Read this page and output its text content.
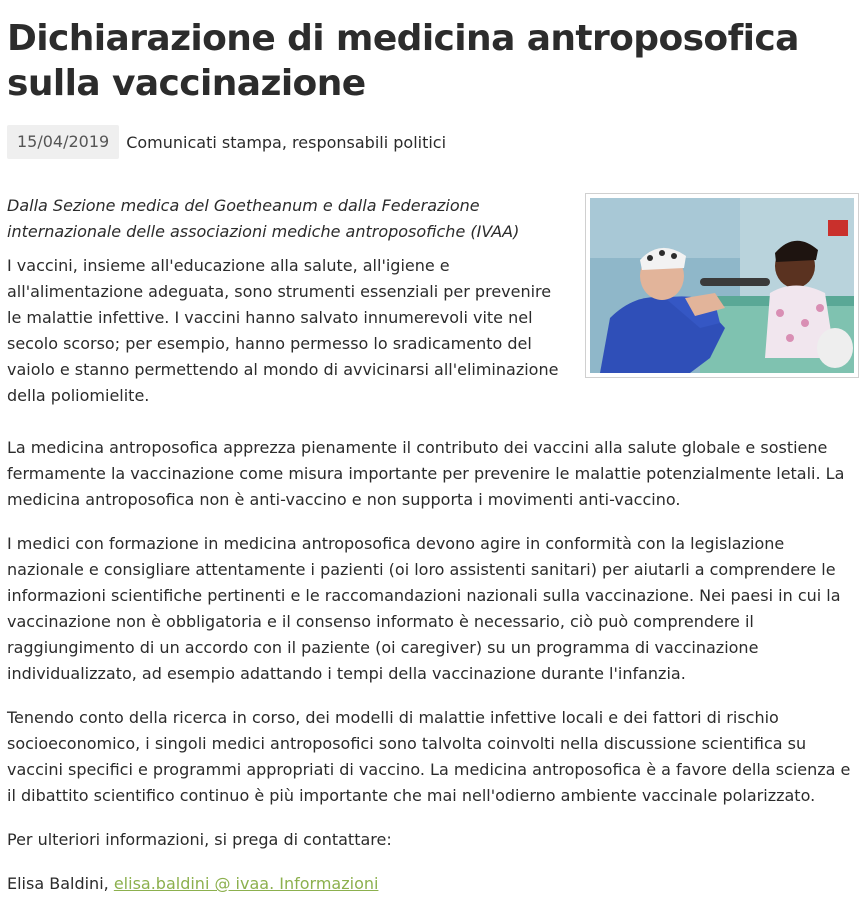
Dichiarazione di medicina antroposofica sulla vaccinazione
15/04/2019	Comunicati stampa, responsabili politici

Dalla Sezione medica del Goetheanum e dalla Federazione internazionale delle associazioni mediche antroposofiche (IVAA)

I vaccini, insieme all'educazione alla salute, all'igiene e all'alimentazione adeguata, sono strumenti essenziali per prevenire le malattie infettive. I vaccini hanno salvato innumerevoli vite nel secolo scorso; per esempio, hanno permesso lo sradicamento del vaiolo e stanno permettendo al mondo di avvicinarsi all'eliminazione della poliomielite.

La medicina antroposofica apprezza pienamente il contributo dei vaccini alla salute globale e sostiene fermamente la vaccinazione come misura importante per prevenire le malattie potenzialmente letali. La medicina antroposofica non è anti-vaccino e non supporta i movimenti anti-vaccino.

I medici con formazione in medicina antroposofica devono agire in conformità con la legislazione nazionale e consigliare attentamente i pazienti (oi loro assistenti sanitari) per aiutarli a comprendere le informazioni scientifiche pertinenti e le raccomandazioni nazionali sulla vaccinazione. Nei paesi in cui la vaccinazione non è obbligatoria e il consenso informato è necessario, ciò può comprendere il raggiungimento di un accordo con il paziente (oi caregiver) su un programma di vaccinazione individualizzato, ad esempio adattando i tempi della vaccinazione durante l'infanzia.

Tenendo conto della ricerca in corso, dei modelli di malattie infettive locali e dei fattori di rischio socioeconomico, i singoli medici antroposofici sono talvolta coinvolti nella discussione scientifica su vaccini specifici e programmi appropriati di vaccino. La medicina antroposofica è a favore della scienza e il dibattito scientifico continuo è più importante che mai nell'odierno ambiente vaccinale polarizzato.

Per ulteriori informazioni, si prega di contattare:

Elisa Baldini, elisa.baldini @ ivaa. Informazioni
